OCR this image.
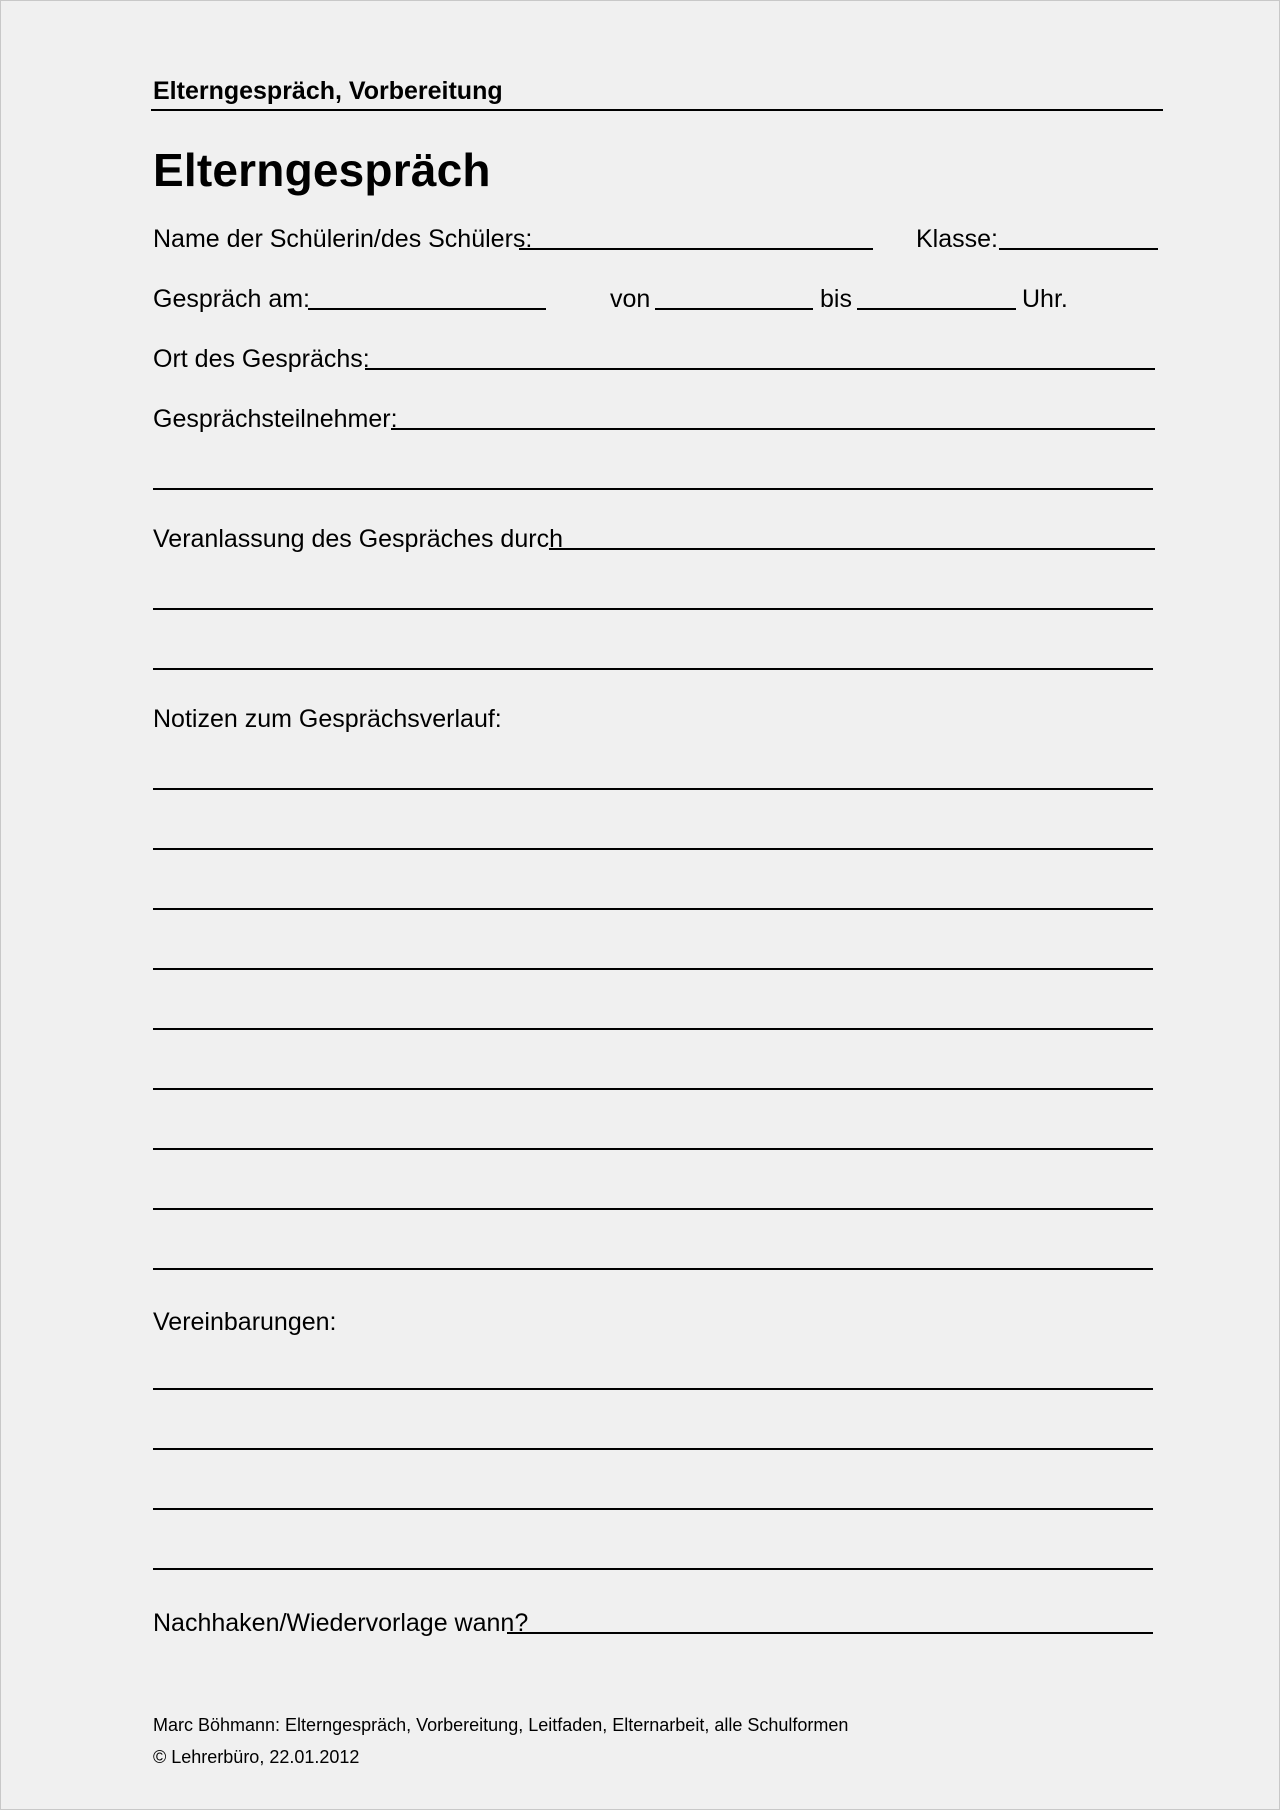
Elterngespräch, Vorbereitung
Elterngespräch
Name der Schülerin/des Schülers:	Klasse:
Gespräch am:	von	bis	Uhr.
Ort des Gesprächs:
Gesprächsteilnehmer:
Veranlassung des Gespräches durch
Notizen zum Gesprächsverlauf:
Vereinbarungen:
Nachhaken/Wiedervorlage wann?
Marc Böhmann: Elterngespräch, Vorbereitung, Leitfaden, Elternarbeit, alle Schulformen
© Lehrerbüro, 22.01.2012
